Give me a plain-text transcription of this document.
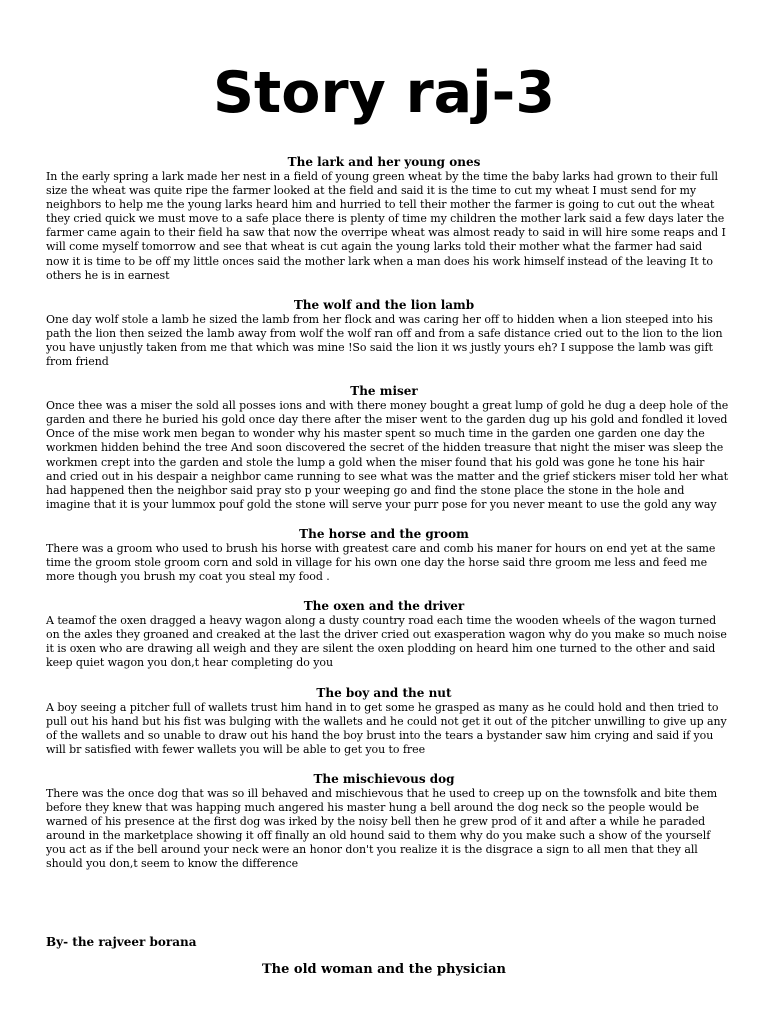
Story raj-3

The lark and her young ones

In the early spring a lark made her nest in a field of young green wheat by the time the baby larks had grown to their full

size the wheat was quite ripe the farmer looked at the field and said it is the time to cut my wheat I must send for my

neighbors to help me the young larks heard him and hurried to tell their mother the farmer is going to cut out the wheat

they cried quick we must move to a safe place there is plenty of time my children the mother lark said a few days later the

farmer came again to their field ha saw that now the overripe wheat was almost ready to said in will hire some reaps and I

will come myself tomorrow and see that wheat is cut again the young larks told their mother what the farmer had said

now it is time to be off my little onces said the mother lark when a man does his work himself instead of the leaving It to

others he is in earnest

The wolf and the lion lamb

One day wolf stole a lamb he sized the lamb from her flock and was caring her off to hidden when a lion steeped into his

path the lion then seized the lamb away from wolf the wolf ran off and from a safe distance cried out to the lion to the lion

you have unjustly taken from me that which was mine !So said the lion it ws justly yours eh? I suppose the lamb was gift

from friend

The miser

Once thee was a miser the sold all posses ions and with there money bought a great lump of gold he dug a deep hole of the

garden and there he buried his gold once day there after the miser went to the garden dug up his gold and fondled it loved

Once of the mise work men began to wonder why his master spent so much time in the garden one garden one day the

workmen hidden behind the tree And soon discovered the secret of the hidden treasure that night the miser was sleep the

workmen crept into the garden and stole the lump a gold when the miser found that his gold was gone he tone his hair

and cried out in his despair a neighbor came running to see what was the matter and the grief stickers miser told her what

had happened then the neighbor said pray sto p your weeping go and find the stone place the stone in the hole and

imagine that it is your lummox pouf gold the stone will serve your purr pose for you never meant to use the gold any way

The horse and the groom

There was a groom who used to brush his horse with greatest care and comb his maner for hours on end yet at the same

time the groom stole groom corn and sold in village for his own one day the horse said thre groom me less and feed me

more though you brush my coat you steal my food .

The oxen and the driver

A teamof the oxen dragged a heavy wagon along a dusty country road each time the wooden wheels of the wagon turned

on the axles they groaned and creaked at the last the driver cried out exasperation wagon why do you make so much noise

it is oxen who are drawing all weigh and they are silent the oxen plodding on heard him one turned to the other and said

keep quiet wagon you don,t hear completing do you

The boy and the nut

A boy seeing a pitcher full of wallets trust him hand in to get some he grasped as many as he could hold and then tried to

pull out his hand but his fist was bulging with the wallets and he could not get it out of the pitcher unwilling to give up any

of the wallets and so unable to draw out his hand the boy brust into the tears a bystander saw him crying and said if you

will br satisfied with fewer wallets you will be able to get you to free

The mischievous dog

There was the once dog that was so ill behaved and mischievous that he used to creep up on the townsfolk and bite them

before they knew that was happing much angered his master hung a bell around the dog neck so the people would be

warned of his presence at the first dog was irked by the noisy bell then he grew prod of it and after a while he paraded

around in the marketplace showing it off finally an old hound said to them why do you make such a show of the yourself

you act as if the bell around your neck were an honor don't you realize it is the disgrace a sign to all men that they all

should you don,t seem to know the difference

By- the rajveer borana

The old woman and the physician
